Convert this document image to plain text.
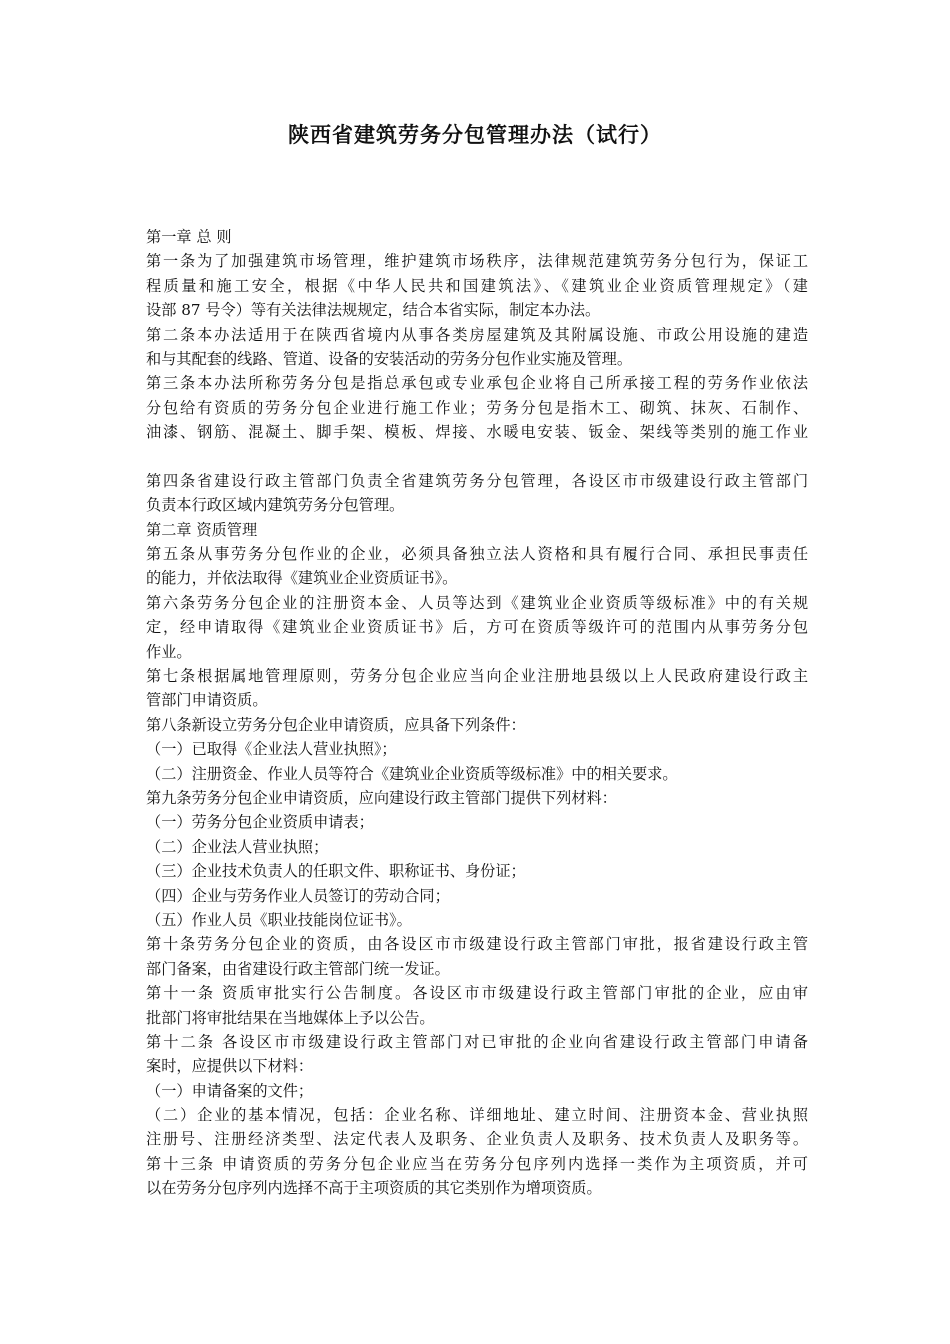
陕西省建筑劳务分包管理办法（试行）
第一章 总 则
第一条为了加强建筑市场管理，维护建筑市场秩序，法律规范建筑劳务分包行为，保证工
程质量和施工安全，根据《中华人民共和国建筑法》、《建筑业企业资质管理规定》（建
设部 87 号令）等有关法律法规规定，结合本省实际，制定本办法。
第二条本办法适用于在陕西省境内从事各类房屋建筑及其附属设施、市政公用设施的建造
和与其配套的线路、管道、设备的安装活动的劳务分包作业实施及管理。
第三条本办法所称劳务分包是指总承包或专业承包企业将自己所承接工程的劳务作业依法
分包给有资质的劳务分包企业进行施工作业；劳务分包是指木工、砌筑、抹灰、石制作、
油漆、钢筋、混凝土、脚手架、模板、焊接、水暖电安装、钣金、架线等类别的施工作业
第四条省建设行政主管部门负责全省建筑劳务分包管理，各设区市市级建设行政主管部门
负责本行政区域内建筑劳务分包管理。
第二章 资质管理
第五条从事劳务分包作业的企业，必须具备独立法人资格和具有履行合同、承担民事责任
的能力，并依法取得《建筑业企业资质证书》。
第六条劳务分包企业的注册资本金、人员等达到《建筑业企业资质等级标准》中的有关规
定，经申请取得《建筑业企业资质证书》后，方可在资质等级许可的范围内从事劳务分包
作业。
第七条根据属地管理原则，劳务分包企业应当向企业注册地县级以上人民政府建设行政主
管部门申请资质。
第八条新设立劳务分包企业申请资质，应具备下列条件：
（一）已取得《企业法人营业执照》；
（二）注册资金、作业人员等符合《建筑业企业资质等级标准》中的相关要求。
第九条劳务分包企业申请资质，应向建设行政主管部门提供下列材料：
（一）劳务分包企业资质申请表；
（二）企业法人营业执照；
（三）企业技术负责人的任职文件、职称证书、身份证；
（四）企业与劳务作业人员签订的劳动合同；
（五）作业人员《职业技能岗位证书》。
第十条劳务分包企业的资质，由各设区市市级建设行政主管部门审批，报省建设行政主管
部门备案，由省建设行政主管部门统一发证。
第十一条 资质审批实行公告制度。各设区市市级建设行政主管部门审批的企业，应由审
批部门将审批结果在当地媒体上予以公告。
第十二条 各设区市市级建设行政主管部门对已审批的企业向省建设行政主管部门申请备
案时，应提供以下材料：
（一）申请备案的文件；
（二）企业的基本情况，包括：企业名称、详细地址、建立时间、注册资本金、营业执照
注册号、注册经济类型、法定代表人及职务、企业负责人及职务、技术负责人及职务等。
第十三条 申请资质的劳务分包企业应当在劳务分包序列内选择一类作为主项资质，并可
以在劳务分包序列内选择不高于主项资质的其它类别作为增项资质。
